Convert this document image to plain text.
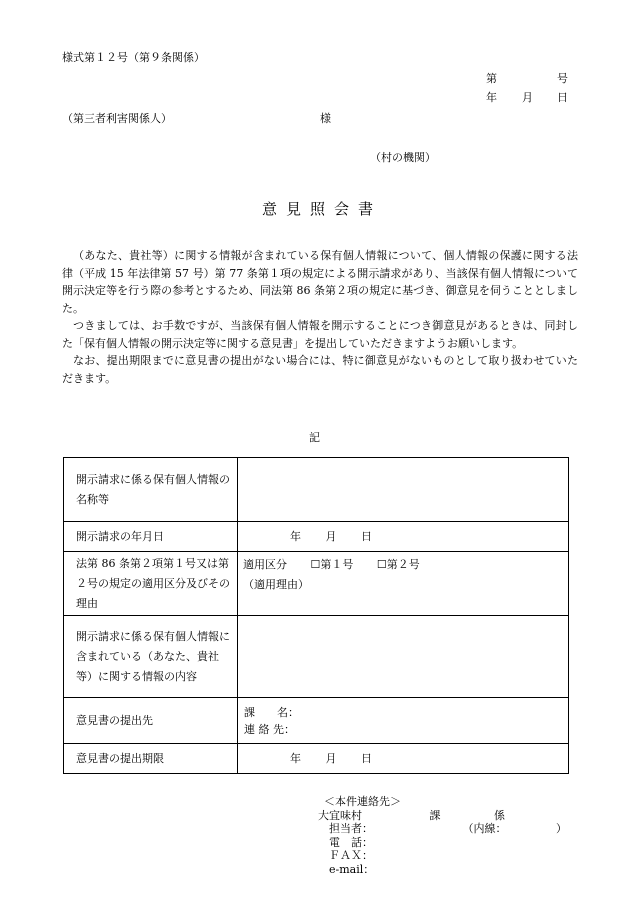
様式第１２号（第９条関係）
第	号
年 月 日
（第三者利害関係人）	様
（村の機関）
意見照会書

（あなた、貴社等）に関する情報が含まれている保有個人情報について、個人情報の保護に関する法律（平成 15 年法律第 57 号）第 77 条第１項の規定による開示請求があり、当該保有個人情報について開示決定等を行う際の参考とするため、同法第 86 条第２項の規定に基づき、御意見を伺うこととしました。

つきましては、お手数ですが、当該保有個人情報を開示することにつき御意見があるときは、同封した「保有個人情報の開示決定等に関する意見書」を提出していただきますようお願いします。

なお、提出期限までに意見書の提出がない場合には、特に御意見がないものとして取り扱わせていただきます。

記
開示請求に係る保有個人情報の名称等	
開示請求の年月日	年 月 日
法第 86 条第２項第１号又は第２号の規定の適用区分及びその理由	適用区分 ☐第１号 ☐第２号
（適用理由）

開示請求に係る保有個人情報に含まれている（あなた、貴社等）に関する情報の内容	
意見書の提出先	課　　名：
連 絡 先：

意見書の提出期限	年 月 日
＜本件連絡先＞
大宜味村	課	係
担当者：	（内線：　　　　　）
電　話：
ＦＡＸ：
e-mail：
